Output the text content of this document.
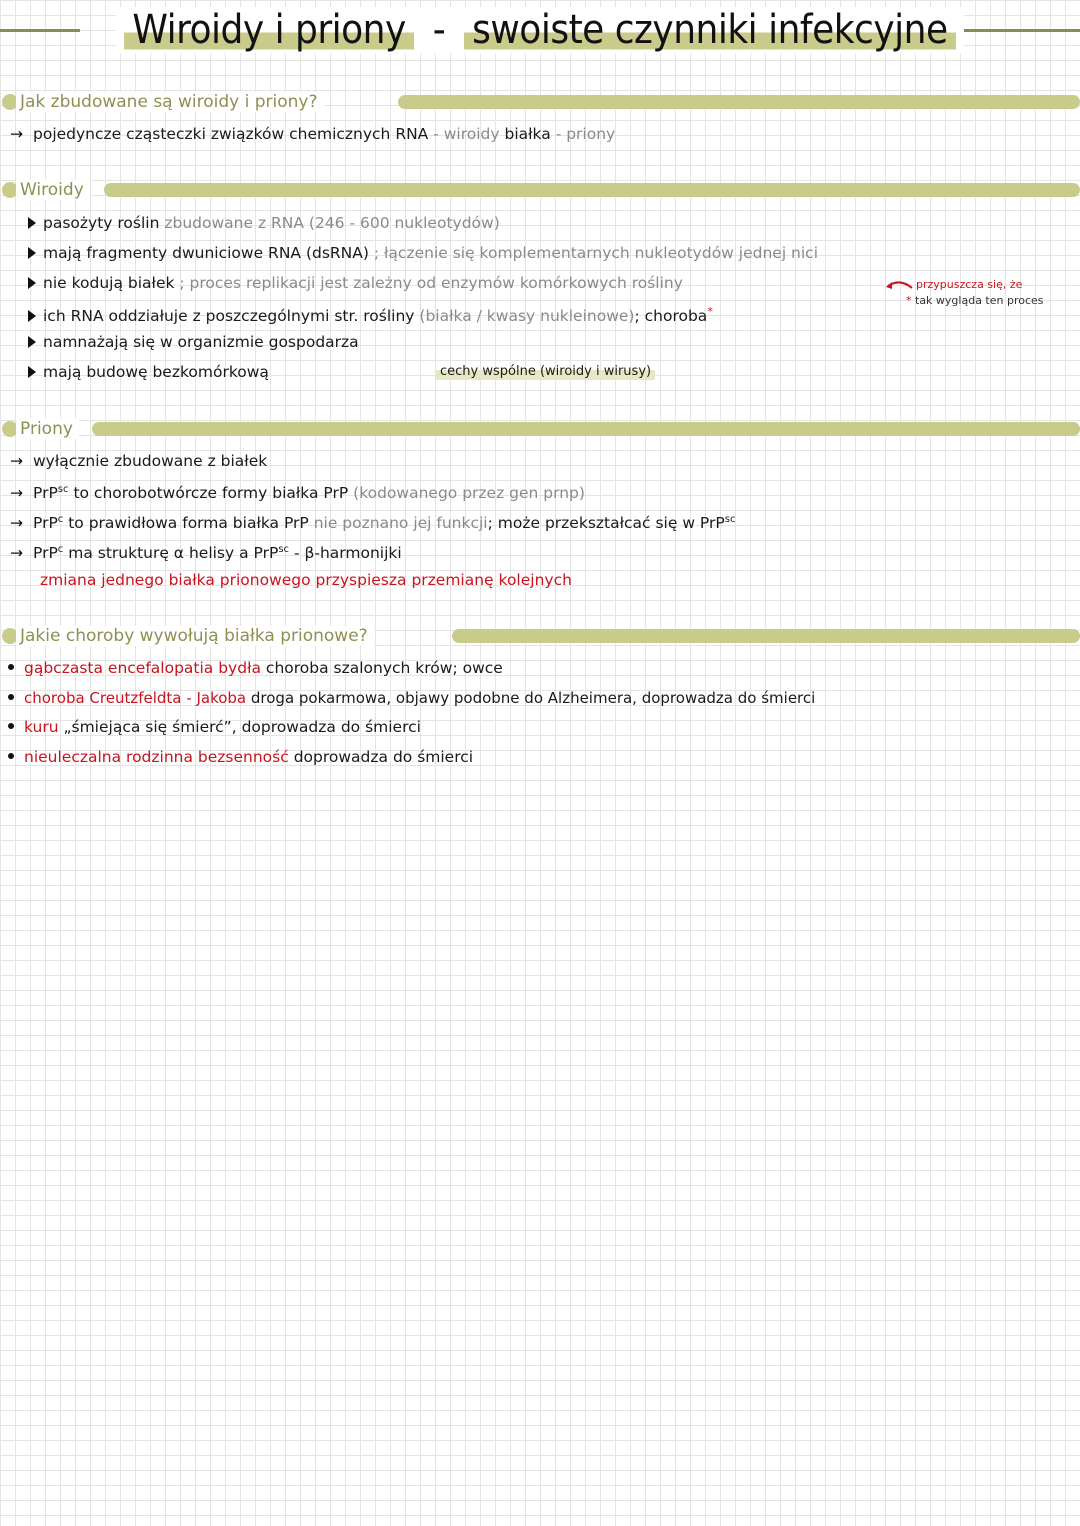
Wiroidy i priony - swoiste czynniki infekcyjne
Jak zbudowane są wiroidy i priony?
→ pojedyncze cząsteczki związków chemicznych RNA - wiroidy białka - priony
Wiroidy
pasożyty roślin zbudowane z RNA (246 - 600 nukleotydów)
mają fragmenty dwuniciowe RNA (dsRNA) ; łączenie się komplementarnych nukleotydów jednej nici
nie kodują białek ; proces replikacji jest zależny od enzymów komórkowych rośliny
ich RNA oddziałuje z poszczególnymi str. rośliny (białka / kwasy nukleinowe); choroba*
namnażają się w organizmie gospodarza
mają budowę bezkomórkową	cechy wspólne (wiroidy i wirusy)
przypuszcza się, że
* tak wygląda ten proces
Priony
→ wyłącznie zbudowane z białek
→ PrP$^{sc}$ to chorobotwórcze formy białka PrP (kodowanego przez gen prnp)
→ PrP$^c$ to prawidłowa forma białka PrP nie poznano jej funkcji; może przekształcać się w PrP$^{sc}$
→ PrP$^c$ ma strukturę α helisy a PrP$^{sc}$ - β-harmonijki
zmiana jednego białka prionowego przyspiesza przemianę kolejnych
Jakie choroby wywołują białka prionowe?
gąbczasta encefalopatia bydła choroba szalonych krów; owce
choroba Creutzfeldta - Jakoba droga pokarmowa, objawy podobne do Alzheimera, doprowadza do śmierci
kuru „śmiejąca się śmierć”, doprowadza do śmierci
nieuleczalna rodzinna bezsenność doprowadza do śmierci
